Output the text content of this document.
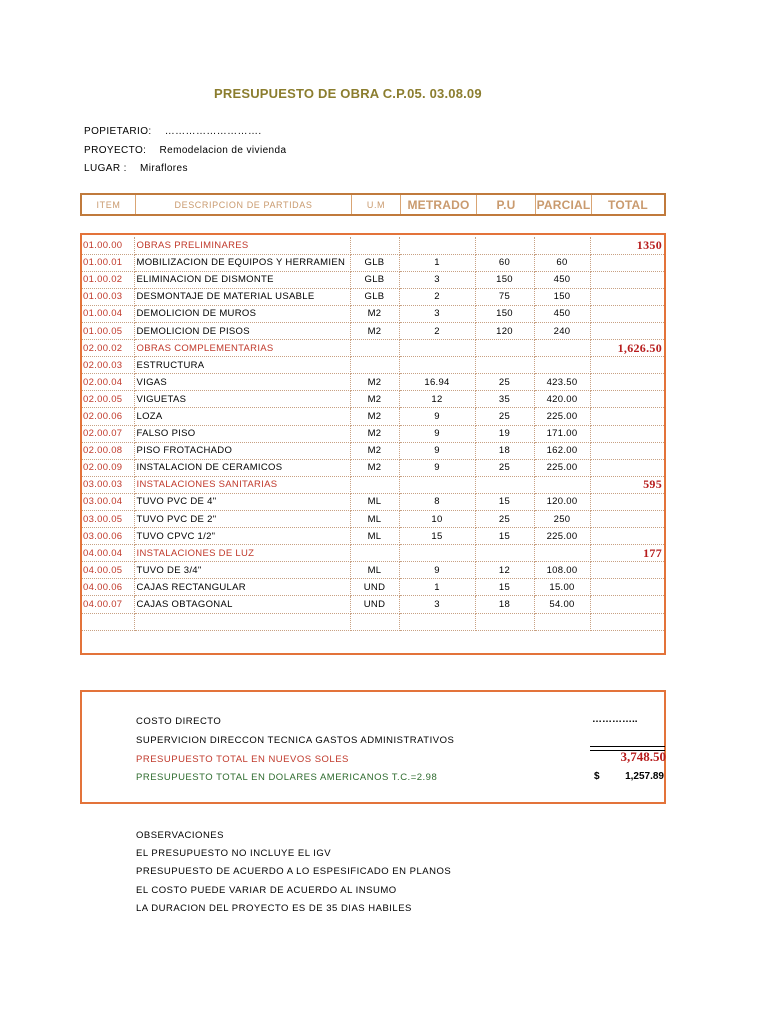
PRESUPUESTO DE OBRA C.P.05. 03.08.09
POPIETARIO: ……………………….
PROYECTO: Remodelacion de vivienda
LUGAR : Miraflores
ITEM	DESCRIPCION DE PARTIDAS	U.M	METRADO	P.U	PARCIAL	TOTAL
01.00.00	OBRAS PRELIMINARES					1350
01.00.01	MOBILIZACION DE EQUIPOS Y HERRAMIEN	GLB	1	60	60	
01.00.02	ELIMINACION DE DISMONTE	GLB	3	150	450	
01.00.03	DESMONTAJE DE MATERIAL USABLE	GLB	2	75	150	
01.00.04	DEMOLICION DE MUROS	M2	3	150	450	
01.00.05	DEMOLICION DE PISOS	M2	2	120	240	
02.00.02	OBRAS COMPLEMENTARIAS					1,626.50
02.00.03	ESTRUCTURA					
02.00.04	VIGAS	M2	16.94	25	423.50	
02.00.05	VIGUETAS	M2	12	35	420.00	
02.00.06	LOZA	M2	9	25	225.00	
02.00.07	FALSO PISO	M2	9	19	171.00	
02.00.08	PISO FROTACHADO	M2	9	18	162.00	
02.00.09	INSTALACION DE CERAMICOS	M2	9	25	225.00	
03.00.03	INSTALACIONES SANITARIAS					595
03.00.04	TUVO PVC DE 4"	ML	8	15	120.00	
03.00.05	TUVO PVC DE 2"	ML	10	25	250	
03.00.06	TUVO CPVC 1/2"	ML	15	15	225.00	
04.00.04	INSTALACIONES DE LUZ					177
04.00.05	TUVO DE 3/4"	ML	9	12	108.00	
04.00.06	CAJAS RECTANGULAR	UND	1	15	15.00	
04.00.07	CAJAS OBTAGONAL	UND	3	18	54.00	

COSTO DIRECTO	…………..
SUPERVICION DIRECCON TECNICA GASTOS ADMINISTRATIVOS
PRESUPUESTO TOTAL EN NUEVOS SOLES	3,748.50
PRESUPUESTO TOTAL EN DOLARES AMERICANOS T.C.=2.98	$	1,257.89
OBSERVACIONES
EL PRESUPUESTO NO INCLUYE EL IGV
PRESUPUESTO DE ACUERDO A LO ESPESIFICADO EN PLANOS
EL COSTO PUEDE VARIAR DE ACUERDO AL INSUMO
LA DURACION DEL PROYECTO ES DE 35 DIAS HABILES
